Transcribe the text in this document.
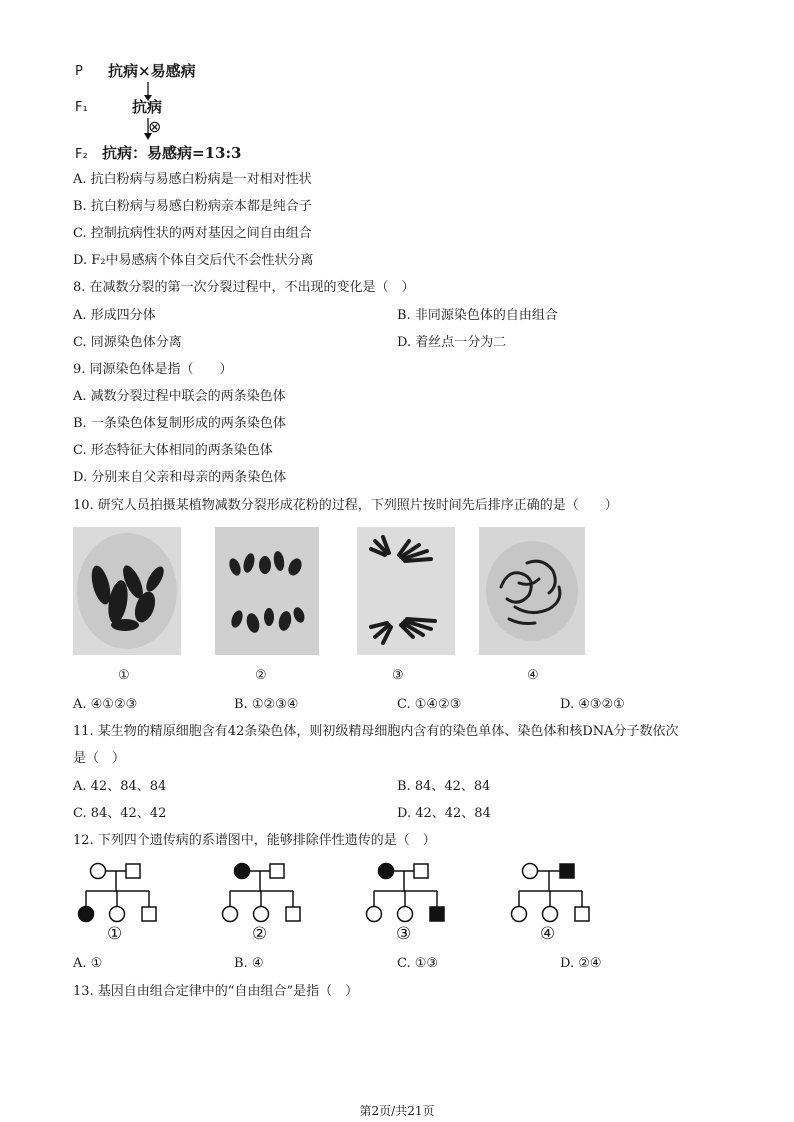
P 抗病×易感病
F₁	抗病
⊗
F₂ 抗病：易感病=13:3
A. 抗白粉病与易感白粉病是一对相对性状
B. 抗白粉病与易感白粉病亲本都是纯合子
C. 控制抗病性状的两对基因之间自由组合
D. F₂中易感病个体自交后代不会性状分离
8. 在减数分裂的第一次分裂过程中，不出现的变化是（　）
A. 形成四分体	B. 非同源染色体的自由组合
C. 同源染色体分离	D. 着丝点一分为二
9. 同源染色体是指（　　）
A. 减数分裂过程中联会的两条染色体
B. 一条染色体复制形成的两条染色体
C. 形态特征大体相同的两条染色体
D. 分别来自父亲和母亲的两条染色体
10. 研究人员拍摄某植物减数分裂形成花粉的过程，下列照片按时间先后排序正确的是（　　）
①	②	③	④
A. ④①②③	B. ①②③④	C. ①④②③	D. ④③②①
11. 某生物的精原细胞含有42条染色体，则初级精母细胞内含有的染色单体、染色体和核DNA分子数依次
是（　）
A. 42、84、84	B. 84、42、84
C. 84、42、42	D. 42、42、84
12. 下列四个遗传病的系谱图中，能够排除伴性遗传的是（　）
①	②	③	④
A. ①	B. ④	C. ①③	D. ②④
13. 基因自由组合定律中的“自由组合”是指（　）
第2页/共21页
